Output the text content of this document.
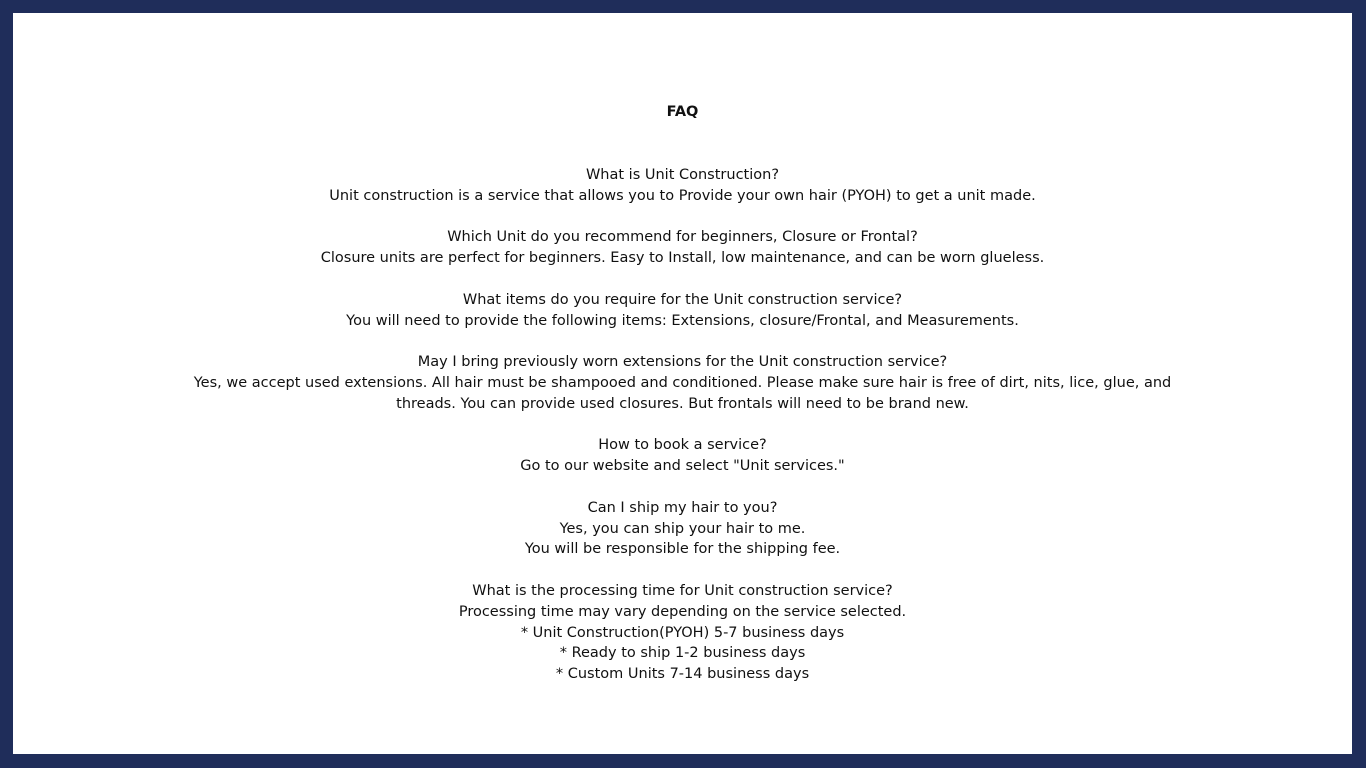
FAQ
What is Unit Construction?
Unit construction is a service that allows you to Provide your own hair (PYOH) to get a unit made.
Which Unit do you recommend for beginners, Closure or Frontal?
Closure units are perfect for beginners. Easy to Install, low maintenance, and can be worn glueless.
What items do you require for the Unit construction service?
You will need to provide the following items: Extensions, closure/Frontal, and Measurements.
May I bring previously worn extensions for the Unit construction service?
Yes, we accept used extensions. All hair must be shampooed and conditioned. Please make sure hair is free of dirt, nits, lice, glue, and
threads. You can provide used closures. But frontals will need to be brand new.
How to book a service?
Go to our website and select "Unit services."
Can I ship my hair to you?
Yes, you can ship your hair to me.
You will be responsible for the shipping fee.
What is the processing time for Unit construction service?
Processing time may vary depending on the service selected.
* Unit Construction(PYOH) 5-7 business days
* Ready to ship 1-2 business days
* Custom Units 7-14 business days
